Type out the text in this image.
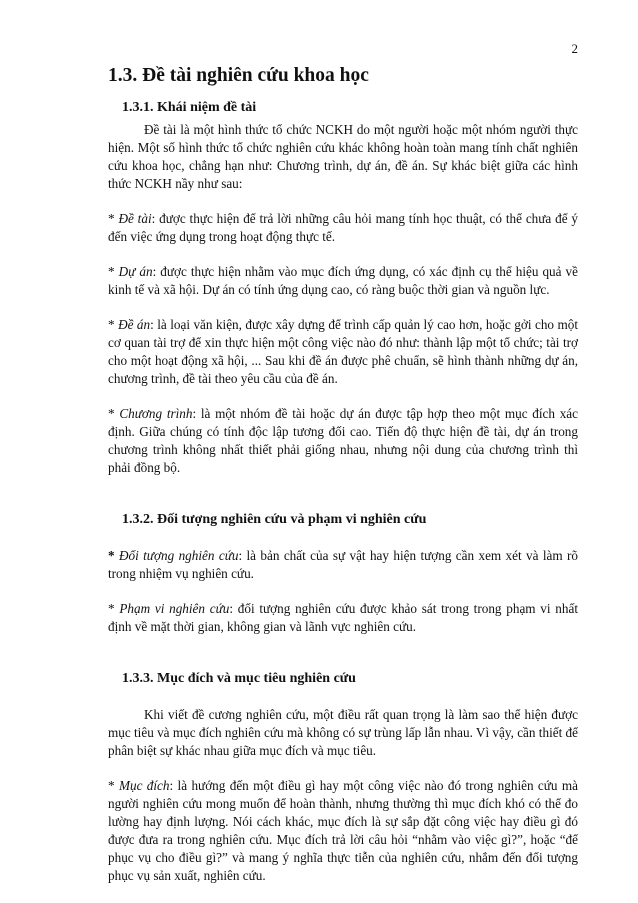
2
1.3. Đề tài nghiên cứu khoa học
1.3.1. Khái niệm đề tài

Đề tài là một hình thức tổ chức NCKH do một người hoặc một nhóm người thực hiện. Một số hình thức tổ chức nghiên cứu khác không hoàn toàn mang tính chất nghiên cứu khoa học, chẳng hạn như: Chương trình, dự án, đề án. Sự khác biệt giữa các hình thức NCKH nầy như sau:

* Đề tài: được thực hiện để trả lời những câu hỏi mang tính học thuật, có thể chưa để ý đến việc ứng dụng trong hoạt động thực tế.

* Dự án: được thực hiện nhằm vào mục đích ứng dụng, có xác định cụ thể hiệu quả về kinh tế và xã hội. Dự án có tính ứng dụng cao, có ràng buộc thời gian và nguồn lực.

* Đề án: là loại văn kiện, được xây dựng để trình cấp quản lý cao hơn, hoặc gởi cho một cơ quan tài trợ để xin thực hiện một công việc nào đó như: thành lập một tổ chức; tài trợ cho một hoạt động xã hội, ... Sau khi đề án được phê chuẩn, sẽ hình thành những dự án, chương trình, đề tài theo yêu cầu của đề án.

* Chương trình: là một nhóm đề tài hoặc dự án được tập hợp theo một mục đích xác định. Giữa chúng có tính độc lập tương đối cao. Tiến độ thực hiện đề tài, dự án trong chương trình không nhất thiết phải giống nhau, nhưng nội dung của chương trình thì phải đồng bộ.

1.3.2. Đối tượng nghiên cứu và phạm vi nghiên cứu

* Đối tượng nghiên cứu: là bản chất của sự vật hay hiện tượng cần xem xét và làm rõ trong nhiệm vụ nghiên cứu.

* Phạm vi nghiên cứu: đối tượng nghiên cứu được khảo sát trong trong phạm vi nhất định về mặt thời gian, không gian và lãnh vực nghiên cứu.

1.3.3. Mục đích và mục tiêu nghiên cứu

Khi viết đề cương nghiên cứu, một điều rất quan trọng là làm sao thể hiện được mục tiêu và mục đích nghiên cứu mà không có sự trùng lấp lẫn nhau. Vì vậy, cần thiết để phân biệt sự khác nhau giữa mục đích và mục tiêu.

* Mục đích: là hướng đến một điều gì hay một công việc nào đó trong nghiên cứu mà người nghiên cứu mong muốn để hoàn thành, nhưng thường thì mục đích khó có thể đo lường hay định lượng. Nói cách khác, mục đích là sự sắp đặt công việc hay điều gì đó được đưa ra trong nghiên cứu. Mục đích trả lời câu hỏi “nhằm vào việc gì?”, hoặc “để phục vụ cho điều gì?” và mang ý nghĩa thực tiễn của nghiên cứu, nhắm đến đối tượng phục vụ sản xuất, nghiên cứu.
